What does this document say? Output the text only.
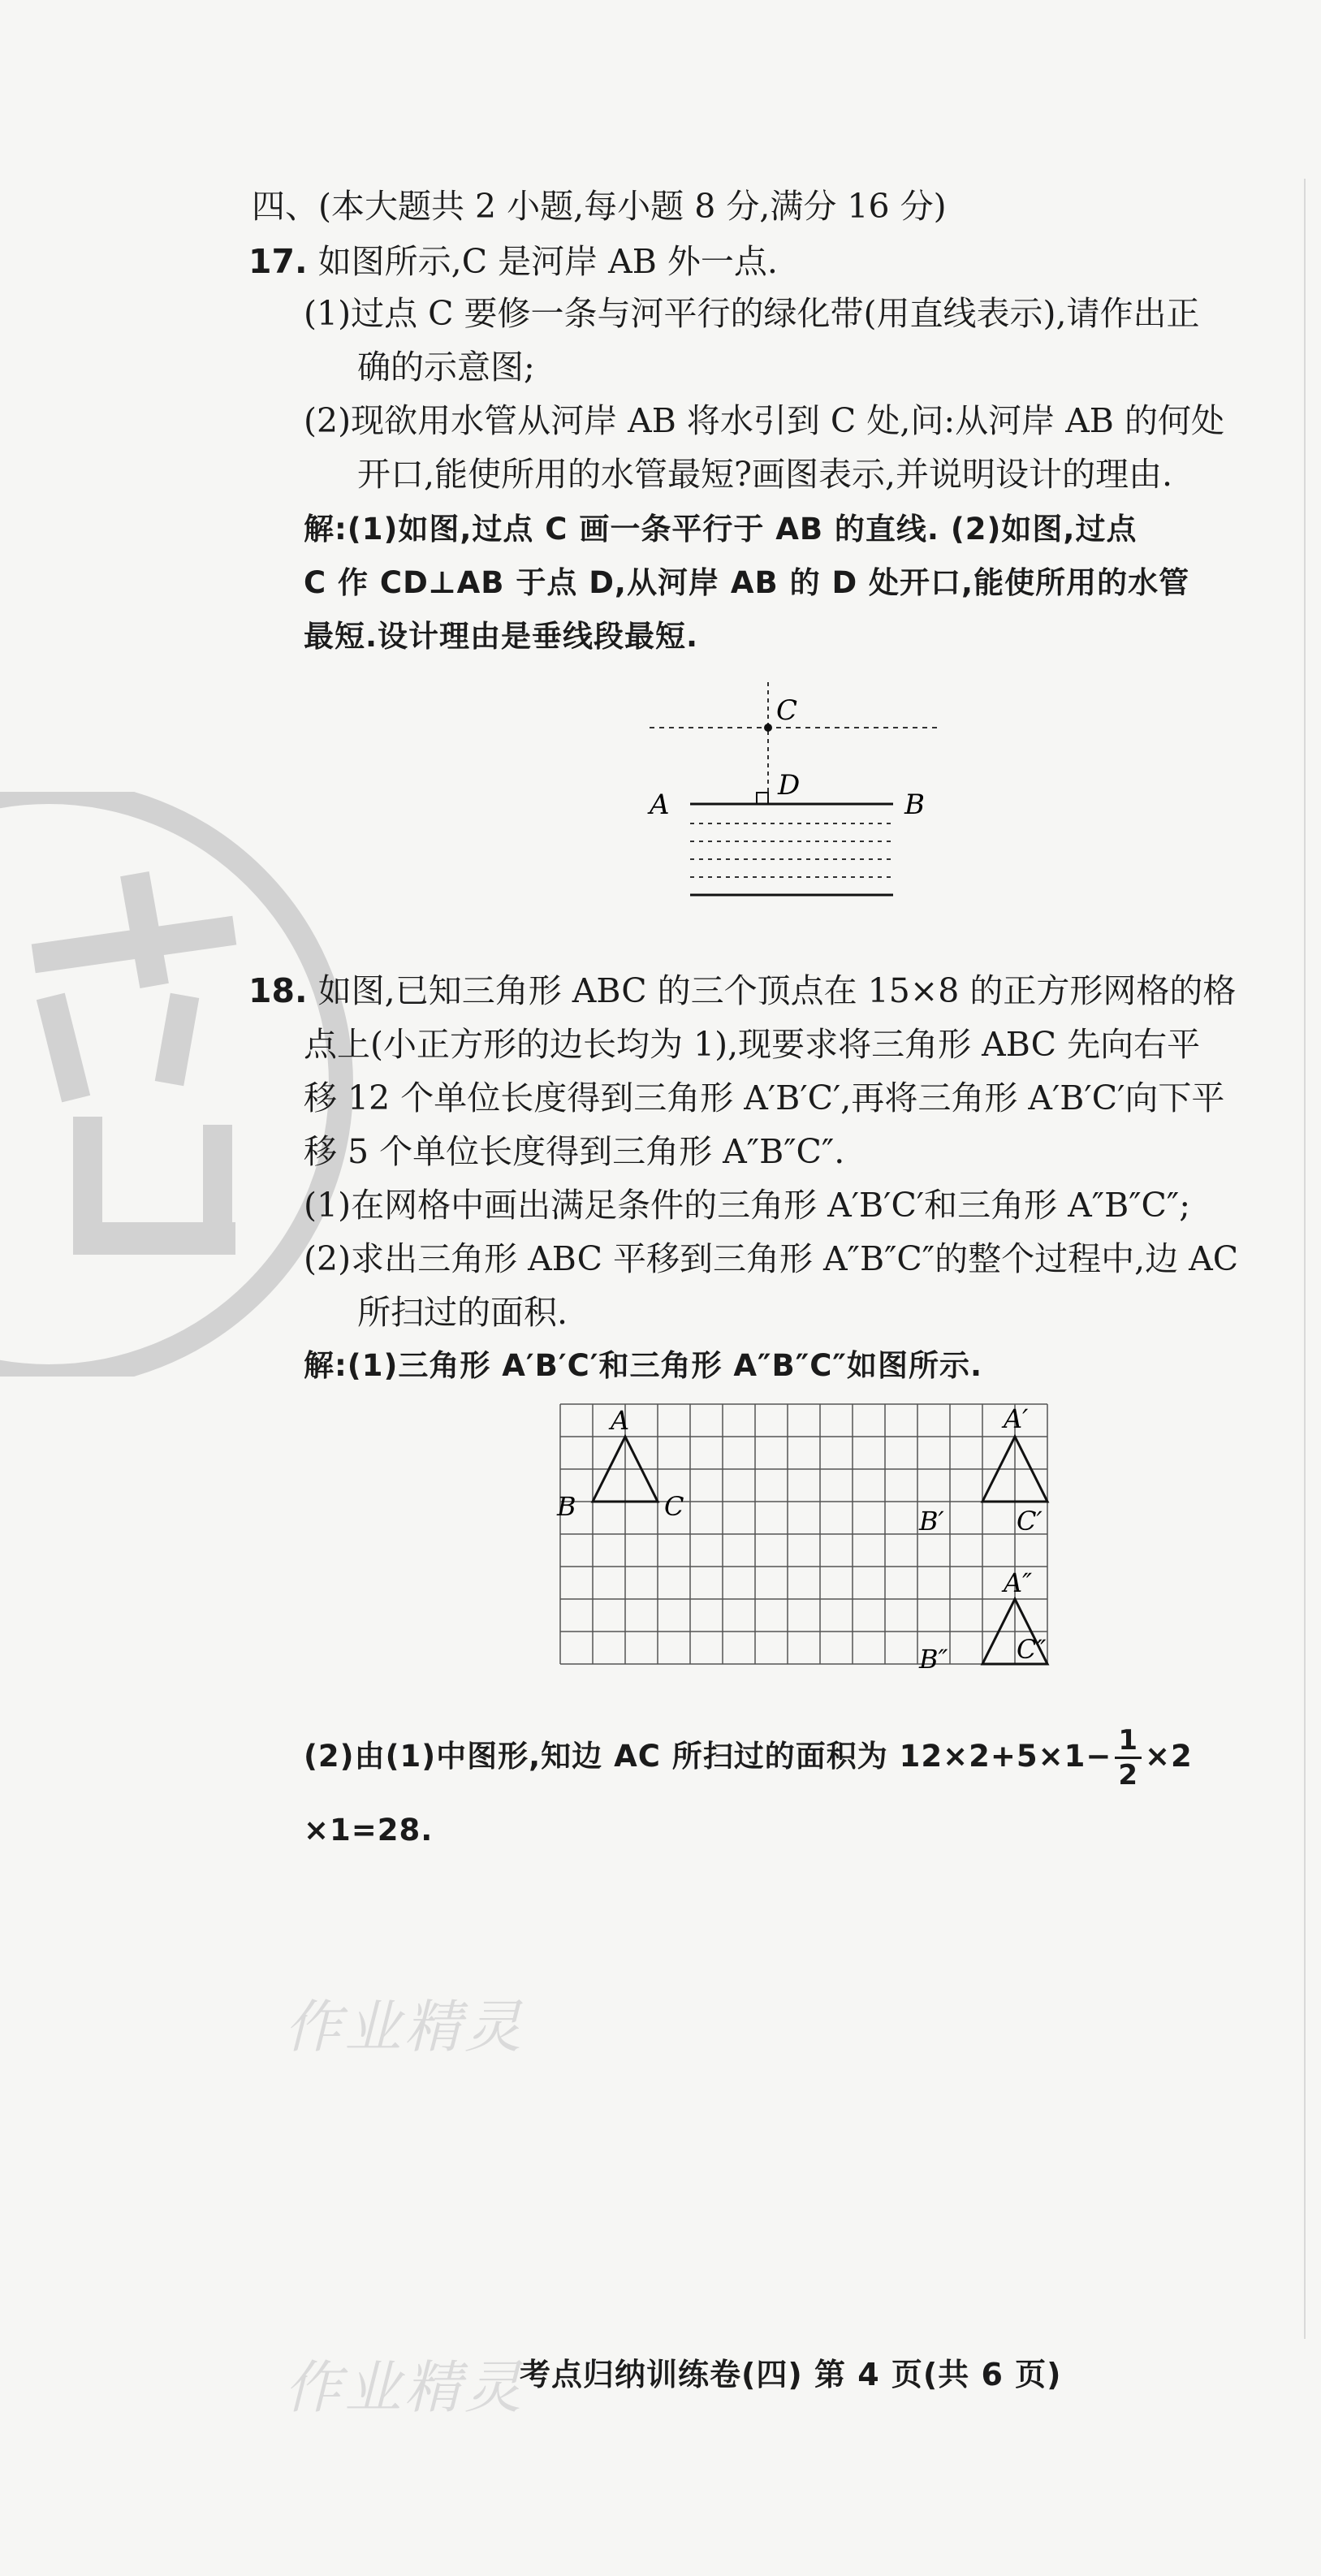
四、(本大题共 2 小题,每小题 8 分,满分 16 分)
17. 如图所示,C 是河岸 AB 外一点.
(1)过点 C 要修一条与河平行的绿化带(用直线表示),请作出正
确的示意图;
(2)现欲用水管从河岸 AB 将水引到 C 处,问:从河岸 AB 的何处
开口,能使所用的水管最短?画图表示,并说明设计的理由.
解:(1)如图,过点 C 画一条平行于 AB 的直线. (2)如图,过点
C 作 CD⊥AB 于点 D,从河岸 AB 的 D 处开口,能使所用的水管
最短.设计理由是垂线段最短.
C
D
A	B
18. 如图,已知三角形 ABC 的三个顶点在 15×8 的正方形网格的格
点上(小正方形的边长均为 1),现要求将三角形 ABC 先向右平
移 12 个单位长度得到三角形 A′B′C′,再将三角形 A′B′C′向下平
移 5 个单位长度得到三角形 A″B″C″.
(1)在网格中画出满足条件的三角形 A′B′C′和三角形 A″B″C″;
(2)求出三角形 ABC 平移到三角形 A″B″C″的整个过程中,边 AC
所扫过的面积.
解:(1)三角形 A′B′C′和三角形 A″B″C″如图所示.
A
B	C
A′
B′	C′
A″
B″	C″
(2)由(1)中图形,知边 AC 所扫过的面积为 $12\times 2+5\times 1- \frac{1}{2} \times 2$
×1=28.
作业精灵
作业精灵
考点归纳训练卷(四) 第 4 页(共 6 页)
